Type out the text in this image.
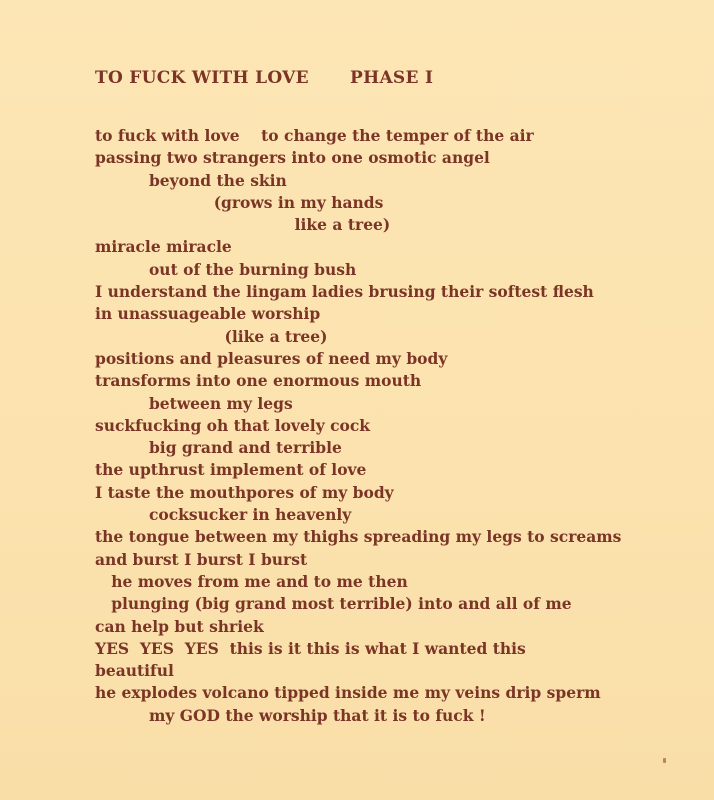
TO FUCK WITH LOVE PHASE I
to fuck with love    to change the temper of the air
passing two strangers into one osmotic angel
beyond the skin
(grows in my hands
like a tree)
miracle miracle
out of the burning bush
I understand the lingam ladies brusing their softest flesh
in unassuageable worship
(like a tree)
positions and pleasures of need my body
transforms into one enormous mouth
between my legs
suckfucking oh that lovely cock
big grand and terrible
the upthrust implement of love
I taste the mouthpores of my body
cocksucker in heavenly
the tongue between my thighs spreading my legs to screams
and burst I burst I burst
he moves from me and to me then
plunging (big grand most terrible) into and all of me
can help but shriek
YES  YES  YES  this is it this is what I wanted this
beautiful
he explodes volcano tipped inside me my veins drip sperm
my GOD the worship that it is to fuck !
